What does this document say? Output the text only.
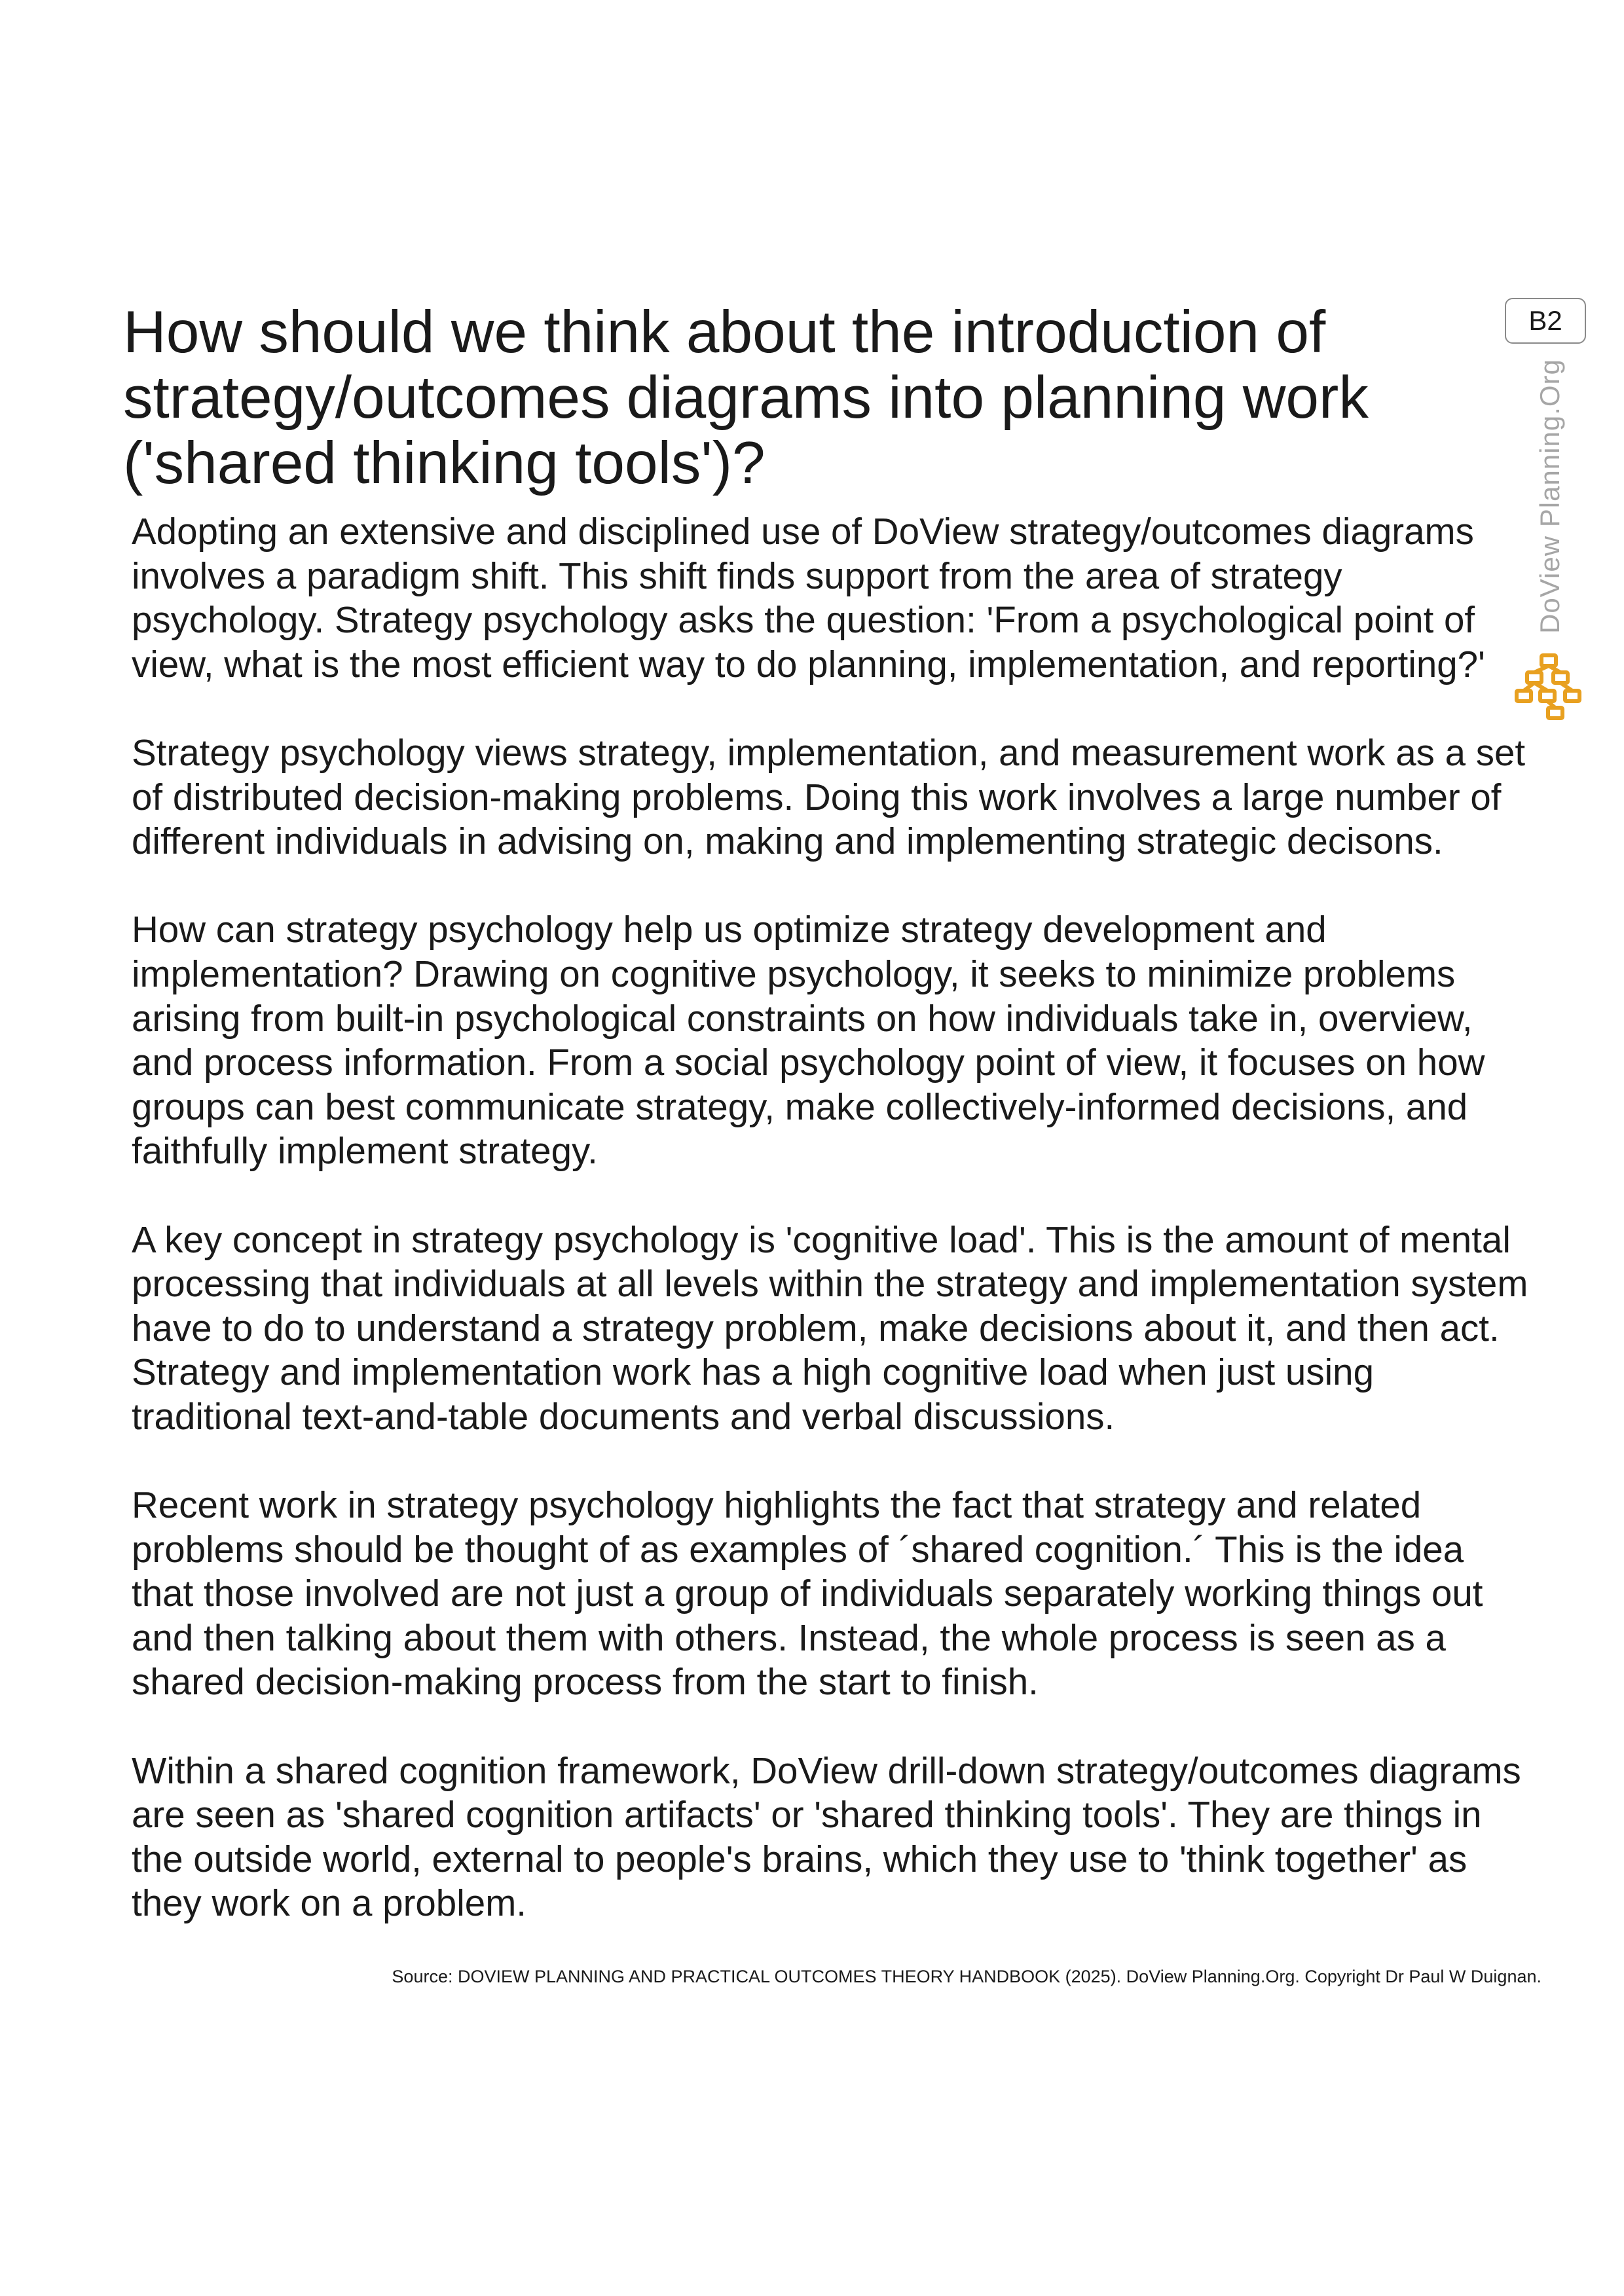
How should we think about the introduction of
strategy/outcomes diagrams into planning work
('shared thinking tools')?
B2
DoView Planning.Org

Adopting an extensive and disciplined use of DoView strategy/outcomes diagrams
involves a paradigm shift. This shift finds support from the area of strategy
psychology. Strategy psychology asks the question: 'From a psychological point of
view, what is the most efficient way to do planning, implementation, and reporting?'

Strategy psychology views strategy, implementation, and measurement work as a set
of distributed decision-making problems. Doing this work involves a large number of
different individuals in advising on, making and implementing strategic decisons.

How can strategy psychology help us optimize strategy development and
implementation? Drawing on cognitive psychology, it seeks to minimize problems
arising from built-in psychological constraints on how individuals take in, overview,
and process information. From a social psychology point of view, it focuses on how
groups can best communicate strategy, make collectively-informed decisions, and
faithfully implement strategy.

A key concept in strategy psychology is 'cognitive load'. This is the amount of mental
processing that individuals at all levels within the strategy and implementation system
have to do to understand a strategy problem, make decisions about it, and then act.
Strategy and implementation work has a high cognitive load when just using
traditional text-and-table documents and verbal discussions.

Recent work in strategy psychology highlights the fact that strategy and related
problems should be thought of as examples of ´shared cognition.´ This is the idea
that those involved are not just a group of individuals separately working things out
and then talking about them with others. Instead, the whole process is seen as a
shared decision-making process from the start to finish.

Within a shared cognition framework, DoView drill-down strategy/outcomes diagrams
are seen as 'shared cognition artifacts' or 'shared thinking tools'. They are things in
the outside world, external to people's brains, which they use to 'think together' as
they work on a problem.

Source: DOVIEW PLANNING AND PRACTICAL OUTCOMES THEORY HANDBOOK (2025). DoView Planning.Org. Copyright Dr Paul W Duignan.
